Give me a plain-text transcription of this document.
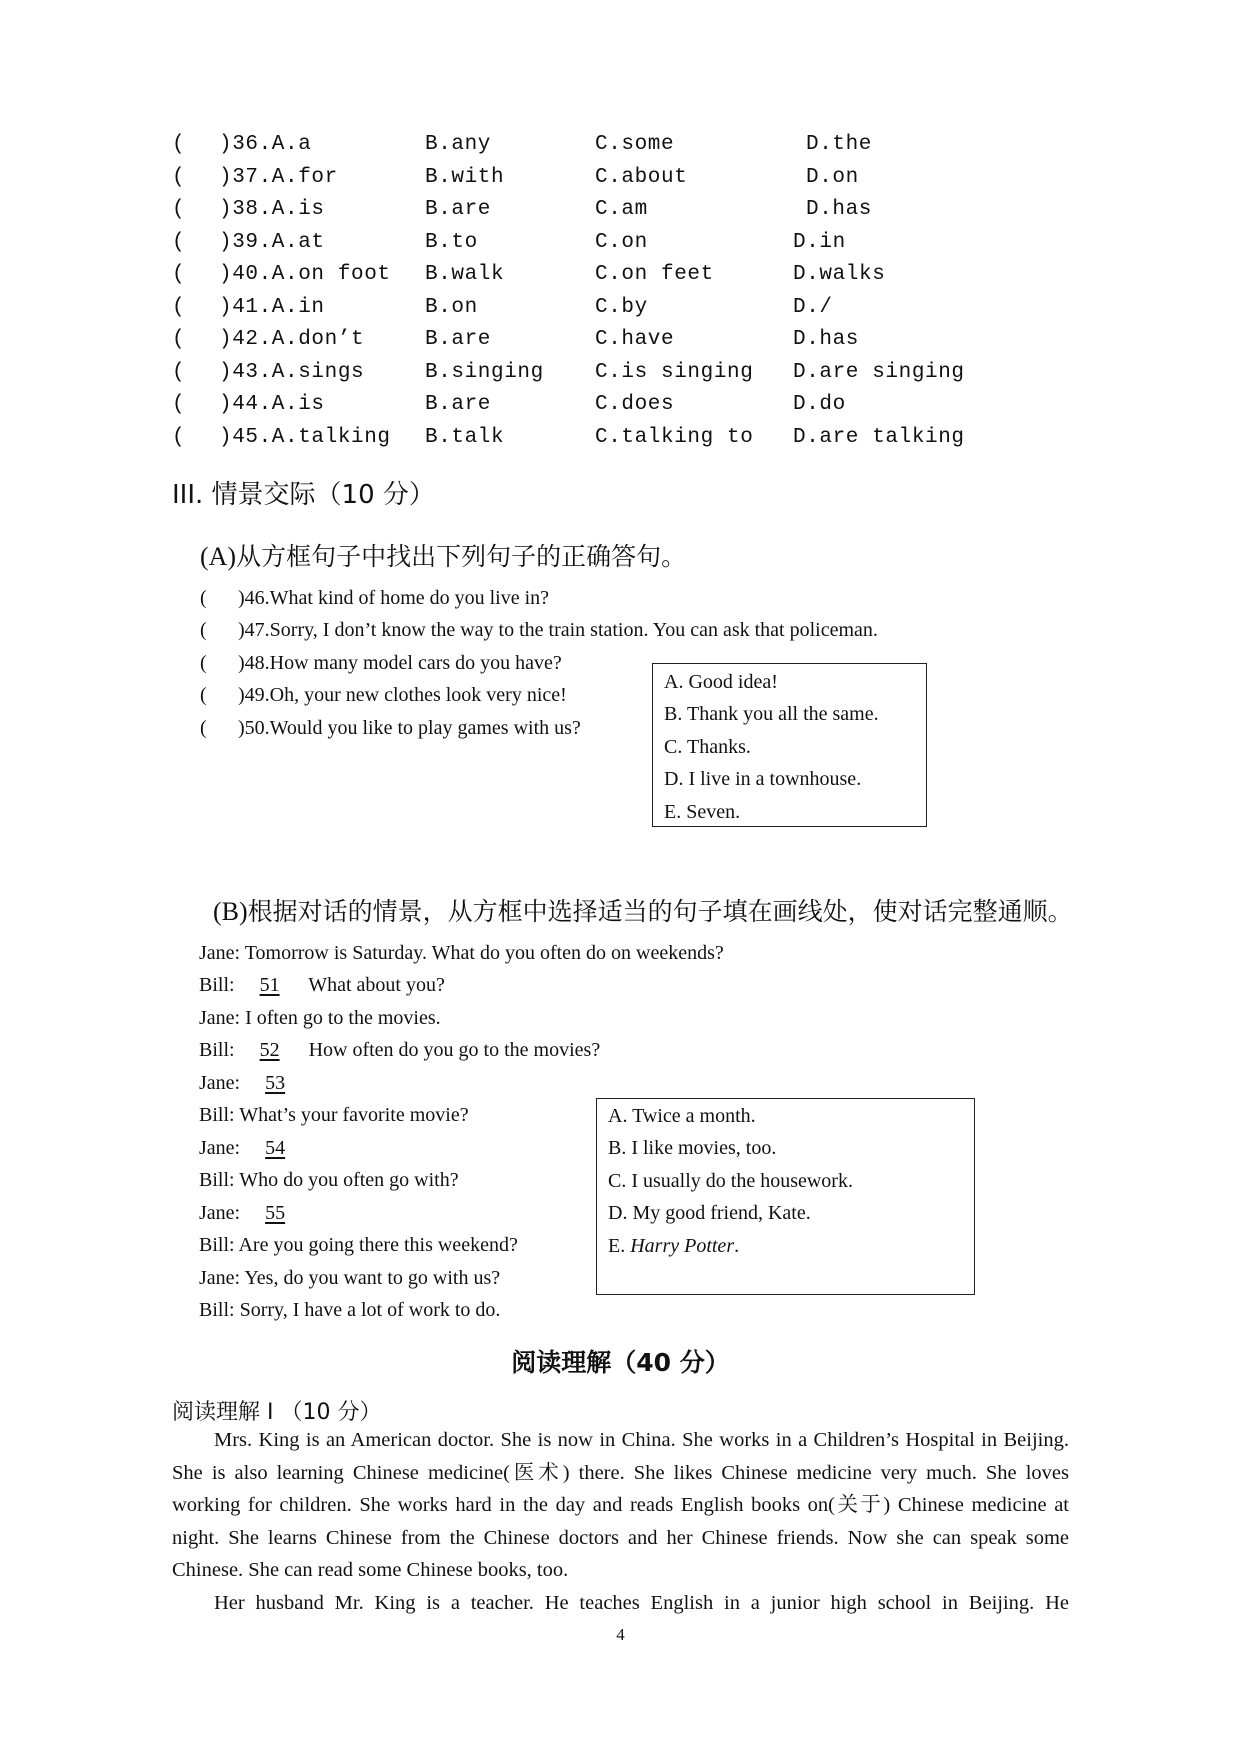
( )36.A.a	B.any	C.some	D.the
( )37.A.for	B.with	C.about	D.on
( )38.A.is	B.are	C.am	D.has
( )39.A.at	B.to	C.on	D.in
( )40.A.on foot B.walk	C.on feet	D.walks
( )41.A.in	B.on	C.by	D./
( )42.A.don’t	B.are	C.have	D.has
( )43.A.sings	B.singing C.is singing D.are singing
( )44.A.is	B.are	C.does	D.do
( )45.A.talking B.talk	C.talking to D.are talking
III. 情景交际（10 分）
(A)从方框句子中找出下列句子的正确答句。
( )46.What kind of home do you live in?
( )47.Sorry, I don’t know the way to the train station. You can ask that policeman.
( )48.How many model cars do you have?
( )49.Oh, your new clothes look very nice!
( )50.Would you like to play games with us?
A. Good idea!
B. Thank you all the same.
C. Thanks.
D. I live in a townhouse.
E. Seven.
(B)根据对话的情景，从方框中选择适当的句子填在画线处，使对话完整通顺。
Jane: Tomorrow is Saturday. What do you often do on weekends?
Bill: 51 What about you?
Jane: I often go to the movies.
Bill: 52 How often do you go to the movies?
Jane: 53
Bill: What’s your favorite movie?
Jane: 54
Bill: Who do you often go with?
Jane: 55
Bill: Are you going there this weekend?
Jane: Yes, do you want to go with us?
Bill: Sorry, I have a lot of work to do.
A. Twice a month.
B. I like movies, too.
C. I usually do the housework.
D. My good friend, Kate.
E. Harry Potter.
阅读理解（40 分）
阅读理解 I （10 分）

Mrs. King is an American doctor. She is now in China. She works in a Children’s Hospital in Beijing. She is also learning Chinese medicine(医术) there. She likes Chinese medicine very much. She loves working for children. She works hard in the day and reads English books on(关于) Chinese medicine at night. She learns Chinese from the Chinese doctors and her Chinese friends. Now she can speak some Chinese. She can read some Chinese books, too.

Her husband Mr. King is a teacher. He teaches English in a junior high school in Beijing. He

4
